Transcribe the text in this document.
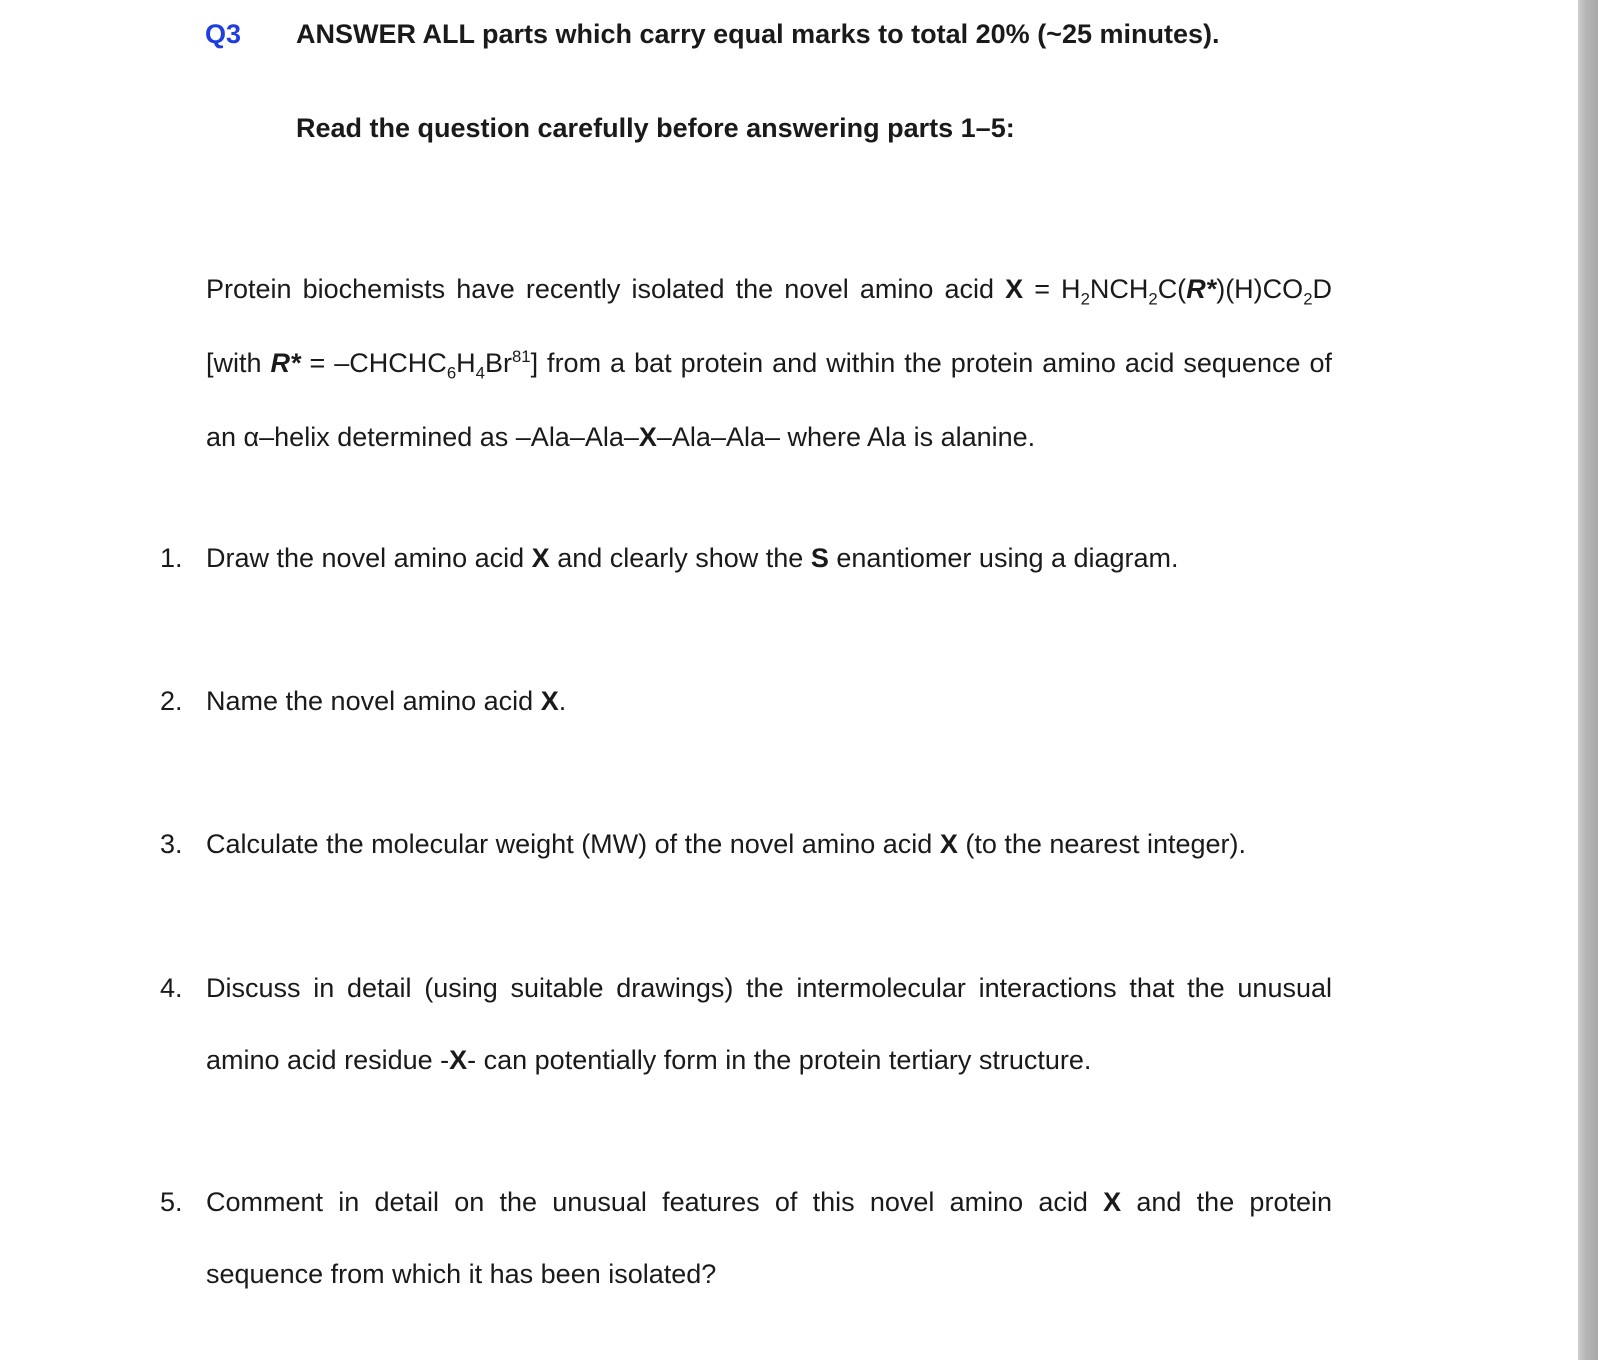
Q3 ANSWER ALL parts which carry equal marks to total 20% (~25 minutes).
Read the question carefully before answering parts 1–5:

Protein biochemists have recently isolated the novel amino acid $X = H_2NCH_2C(R*)(H)CO_2D$

[with $R* = -CHCHC_6H_4Br^{81}$] from a bat protein and within the protein amino acid sequence of

an α–helix determined as –Ala–Ala–X–Ala–Ala– where Ala is alanine.

1. Draw the novel amino acid X and clearly show the S enantiomer using a diagram.

2. Name the novel amino acid X.

3. Calculate the molecular weight (MW) of the novel amino acid X (to the nearest integer).

4. Discuss in detail (using suitable drawings) the intermolecular interactions that the unusual

amino acid residue -X- can potentially form in the protein tertiary structure.

5. Comment in detail on the unusual features of this novel amino acid X and the protein

sequence from which it has been isolated?
